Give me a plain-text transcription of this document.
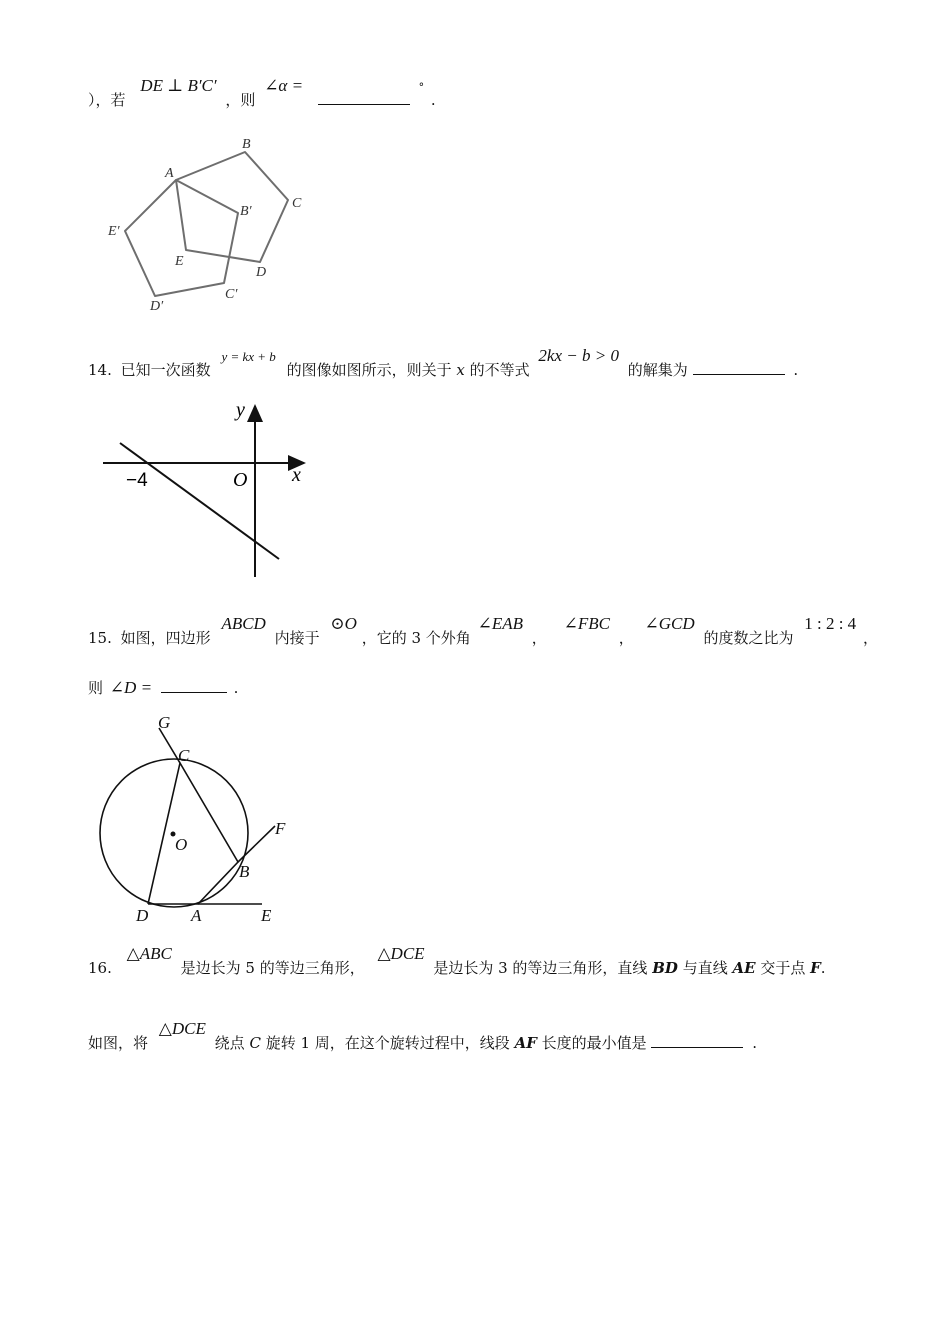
），若 DE ⊥ B′C′ ，则 ∠α =	° .
A
B
C
D
E
B′
C′
D′
E′
14. 已知一次函数 y = kx + b 的图像如图所示，则关于 x 的不等式 2kx − b > 0 的解集为	.
y
x
O
−4
15. 如图，四边形 ABCD 内接于 ⊙O ，它的 3 个外角 ∠EAB ， ∠FBC ， ∠GCD 的度数之比为 1 : 2 : 4 ，
则 ∠D =	.
G
C
F
O
B
D	A	E
16. △ABC 是边长为 5 的等边三角形， △DCE 是边长为 3 的等边三角形，直线 BD 与直线 AE 交于点 F.
如图，将 △DCE 绕点 C 旋转 1 周，在这个旋转过程中，线段 AF 长度的最小值是	.
